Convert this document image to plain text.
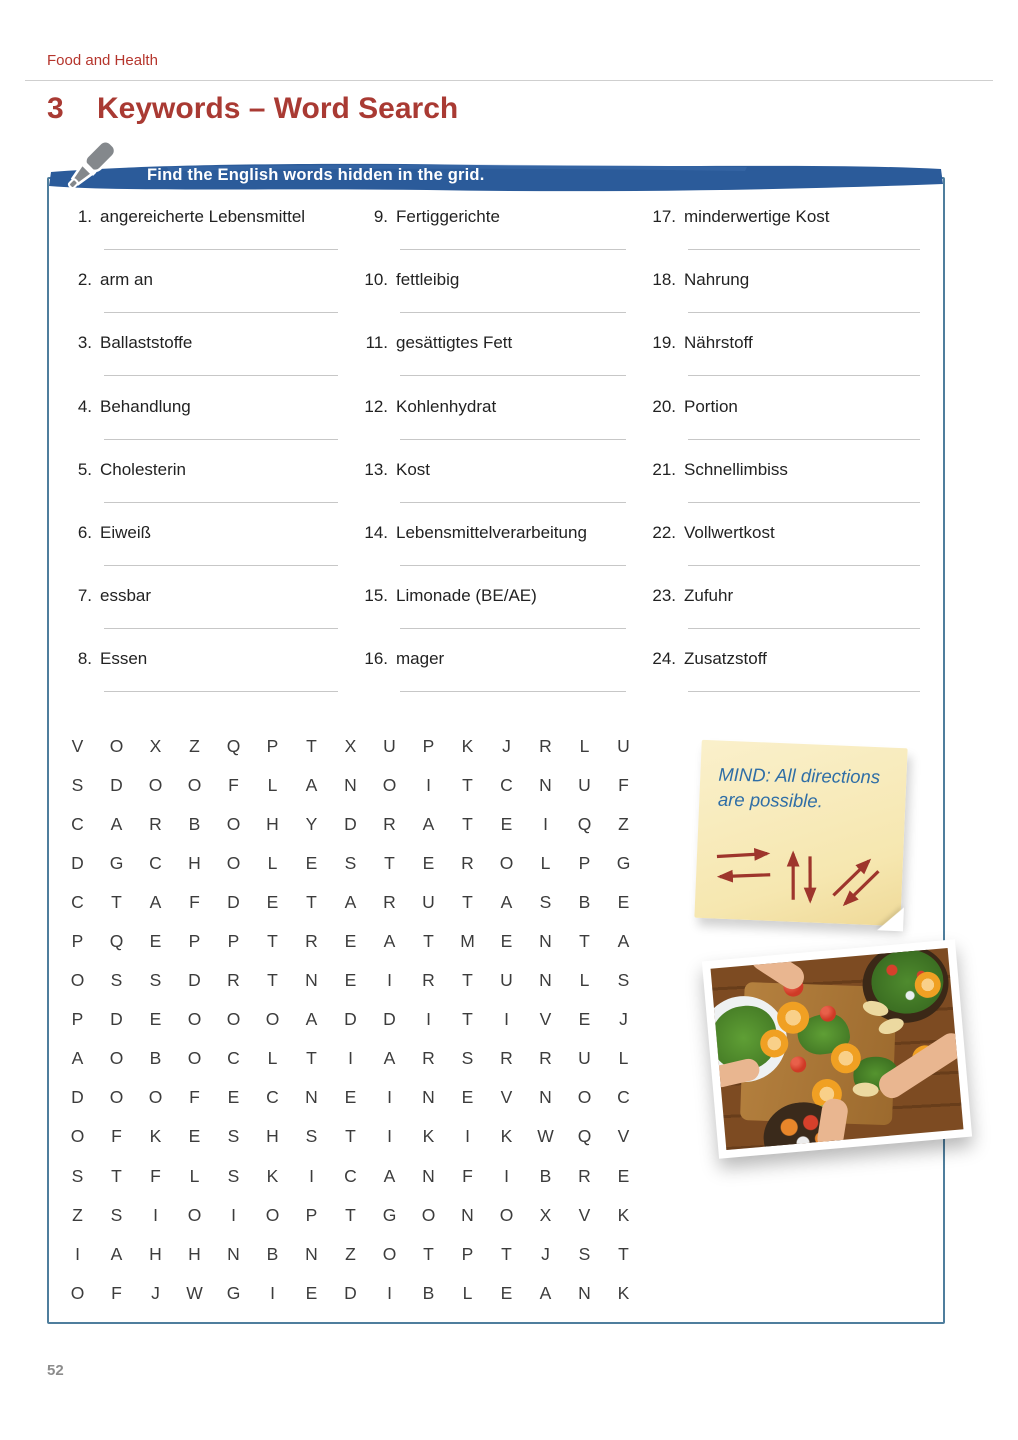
Food and Health
3 Keywords – Word Search
Find the English words hidden in the grid.
1. angereicherte Lebensmittel
2. arm an
3. Ballaststoffe
4. Behandlung
5. Cholesterin
6. Eiweiß
7. essbar
8. Essen
9. Fertiggerichte
10. fettleibig
11. gesättigtes Fett
12. Kohlenhydrat
13. Kost
14. Lebensmittelverarbeitung
15. Limonade (BE/AE)
16. mager
17. minderwertige Kost
18. Nahrung
19. Nährstoff
20. Portion
21. Schnellimbiss
22. Vollwertkost
23. Zufuhr
24. Zusatzstoff
V O X Z Q P T X U P K J R L U
S D O O F L A N O I T C N U F
C A R B O H Y D R A T E I Q Z
D G C H O L E S T E R O L P G
C T A F D E T A R U T A S B E
P Q E P P T R E A T M E N T A
O S S D R T N E I R T U N L S
P D E O O O A D D I T I V E J
A O B O C L T I A R S R R U L
D O O F E C N E I N E V N O C
O F K E S H S T I K I K W Q V
S T F L S K I C A N F I B R E
Z S I O I O P T G O N O X V K
I A H H N B N Z O T P T J S T
O F J W G I E D I B L E A N K
MIND: All directions
are possible.
52
